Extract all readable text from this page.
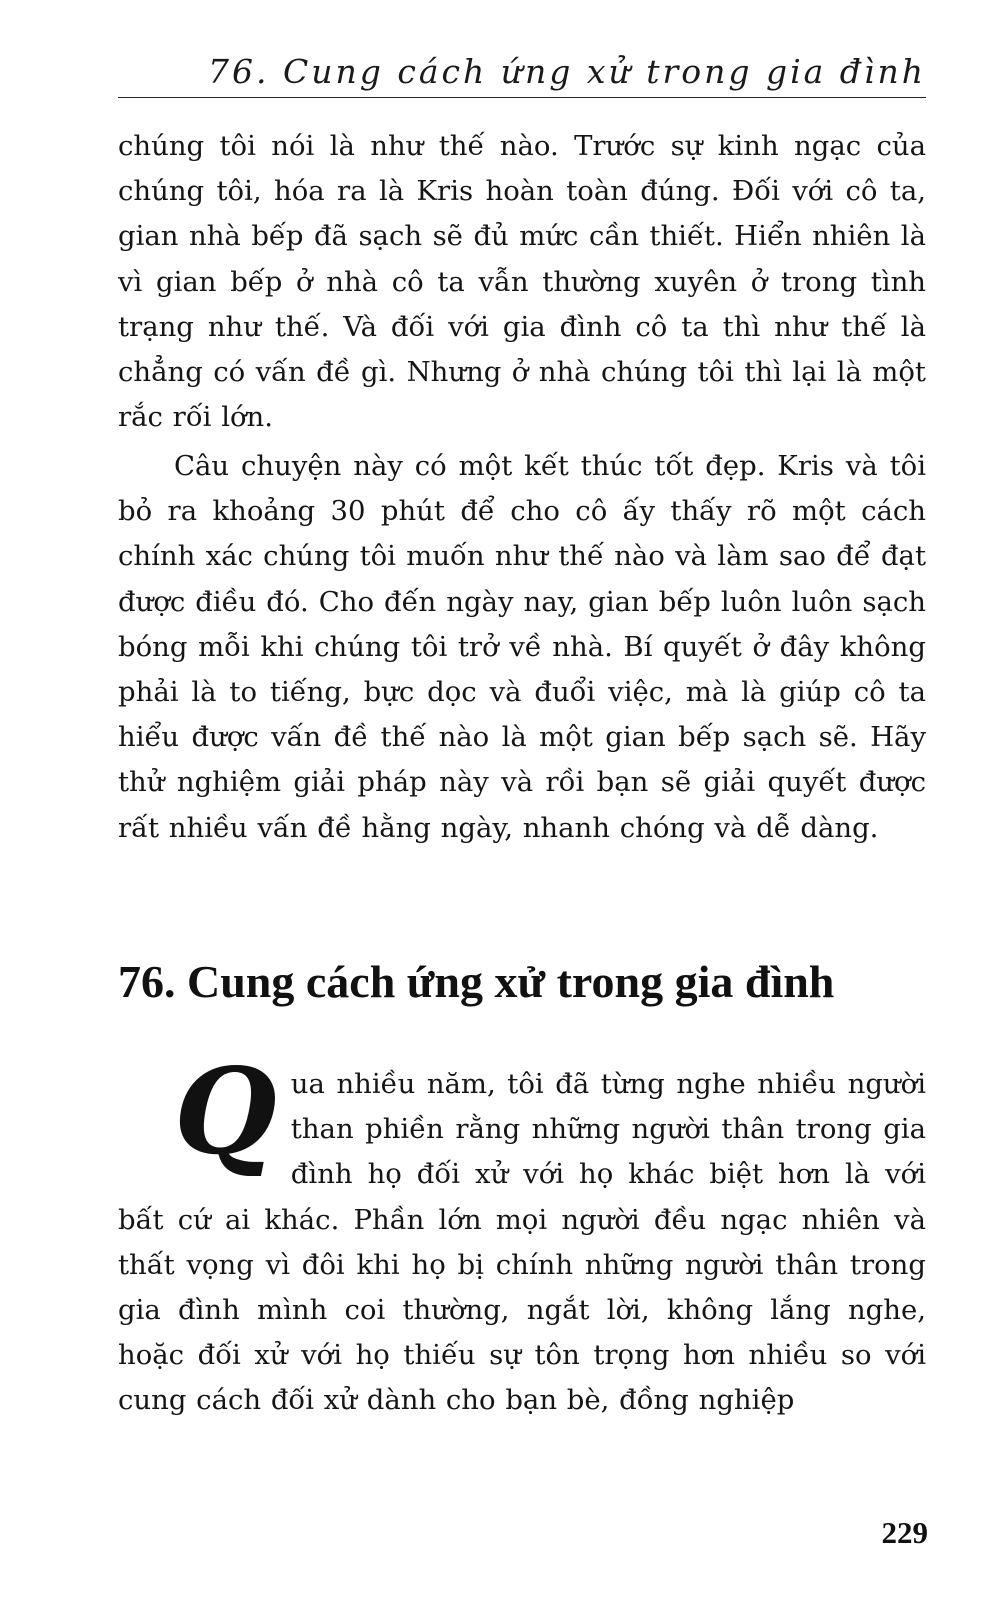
76. Cung cách ứng xử trong gia đình

chúng tôi nói là như thế nào. Trước sự kinh ngạc của chúng tôi, hóa ra là Kris hoàn toàn đúng. Đối với cô ta, gian nhà bếp đã sạch sẽ đủ mức cần thiết. Hiển nhiên là vì gian bếp ở nhà cô ta vẫn thường xuyên ở trong tình trạng như thế. Và đối với gia đình cô ta thì như thế là chẳng có vấn đề gì. Nhưng ở nhà chúng tôi thì lại là một rắc rối lớn.

Câu chuyện này có một kết thúc tốt đẹp. Kris và tôi bỏ ra khoảng 30 phút để cho cô ấy thấy rõ một cách chính xác chúng tôi muốn như thế nào và làm sao để đạt được điều đó. Cho đến ngày nay, gian bếp luôn luôn sạch bóng mỗi khi chúng tôi trở về nhà. Bí quyết ở đây không phải là to tiếng, bực dọc và đuổi việc, mà là giúp cô ta hiểu được vấn đề thế nào là một gian bếp sạch sẽ. Hãy thử nghiệm giải pháp này và rồi bạn sẽ giải quyết được rất nhiều vấn đề hằng ngày, nhanh chóng và dễ dàng.

76. Cung cách ứng xử trong gia đình

Qua nhiều năm, tôi đã từng nghe nhiều người than phiền rằng những người thân trong gia đình họ đối xử với họ khác biệt hơn là với bất cứ ai khác. Phần lớn mọi người đều ngạc nhiên và thất vọng vì đôi khi họ bị chính những người thân trong gia đình mình coi thường, ngắt lời, không lắng nghe, hoặc đối xử với họ thiếu sự tôn trọng hơn nhiều so với cung cách đối xử dành cho bạn bè, đồng nghiệp

229
